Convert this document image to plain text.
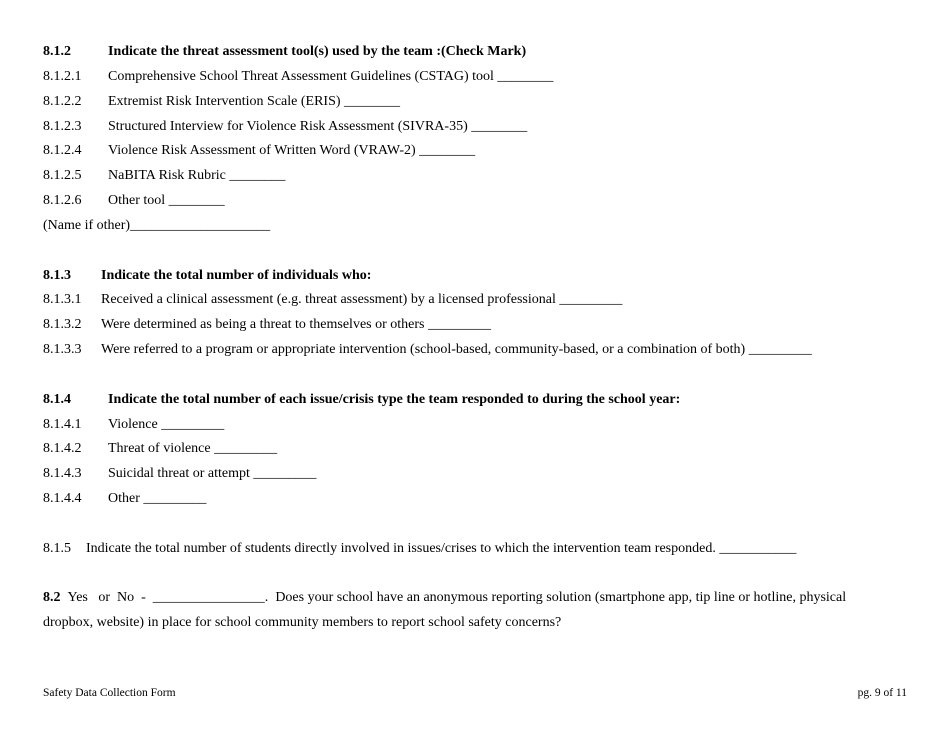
8.1.2	Indicate the threat assessment tool(s) used by the team :(Check Mark)
8.1.2.1 Comprehensive School Threat Assessment Guidelines (CSTAG) tool ________
8.1.2.2 Extremist Risk Intervention Scale (ERIS) ________
8.1.2.3 Structured Interview for Violence Risk Assessment (SIVRA-35) ________
8.1.2.4 Violence Risk Assessment of Written Word (VRAW-2) ________
8.1.2.5 NaBITA Risk Rubric ________
8.1.2.6 Other tool ________
(Name if other)____________________
8.1.3 Indicate the total number of individuals who:
8.1.3.1 Received a clinical assessment (e.g. threat assessment) by a licensed professional _________
8.1.3.2 Were determined as being a threat to themselves or others _________
8.1.3.3 Were referred to a program or appropriate intervention (school-based, community-based, or a combination of both) _________
8.1.4	Indicate the total number of each issue/crisis type the team responded to during the school year:
8.1.4.1 Violence _________
8.1.4.2 Threat of violence _________
8.1.4.3 Suicidal threat or attempt _________
8.1.4.4 Other _________
8.1.5 Indicate the total number of students directly involved in issues/crises to which the intervention team responded. ___________
8.2 Yes   or  No  -  ________________. Does your school have an anonymous reporting solution (smartphone app, tip line or hotline, physical
dropbox, website) in place for school community members to report school safety concerns?
Safety Data Collection Form	pg. 9 of 11
